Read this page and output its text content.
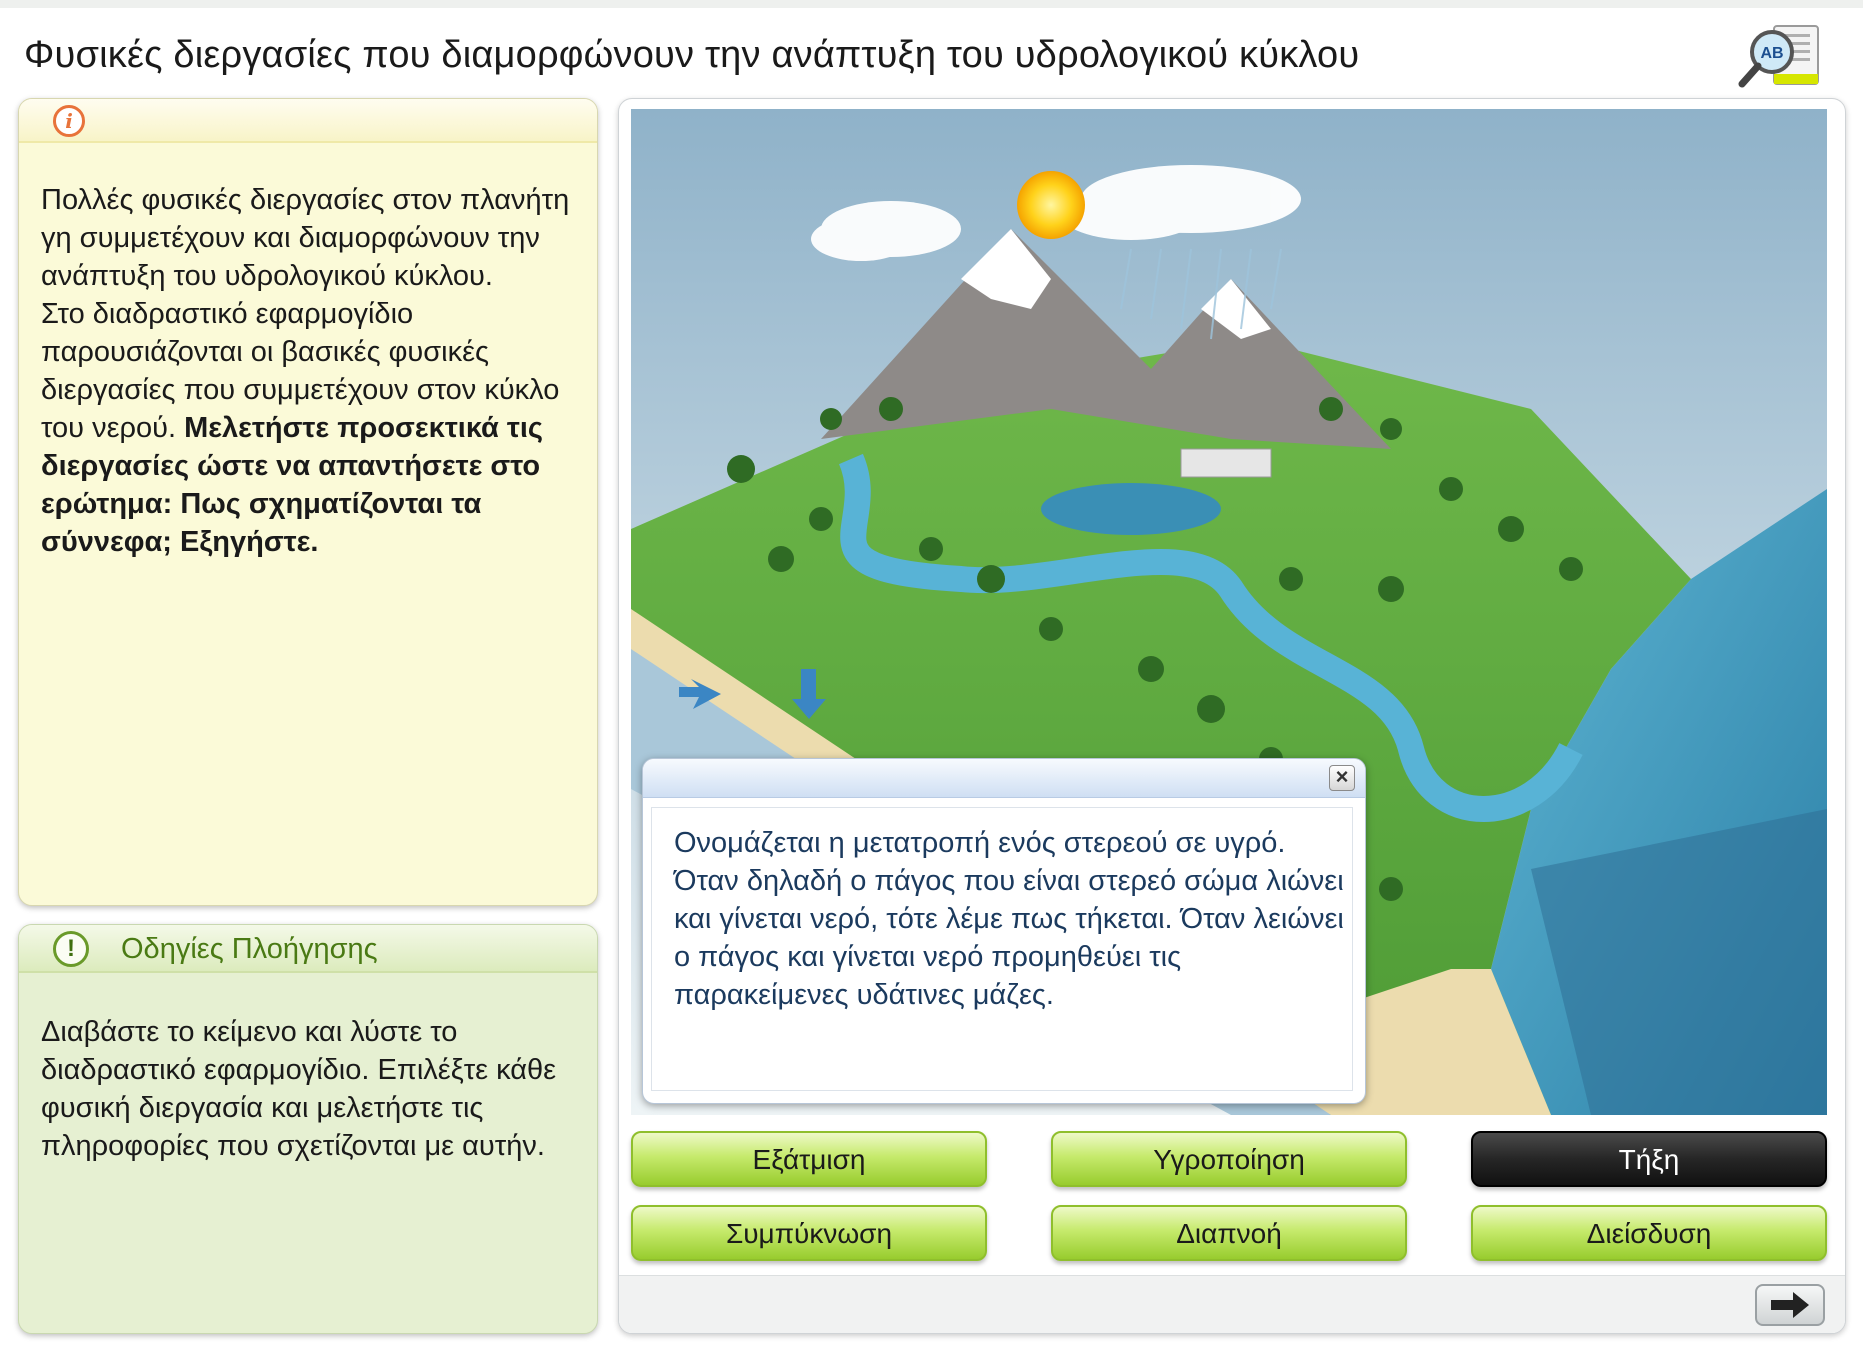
Φυσικές διεργασίες που διαμορφώνουν την ανάπτυξη του υδρολογικού κύκλου	AB
i
Πολλές φυσικές διεργασίες στον πλανήτη γη συμμετέχουν και διαμορφώνουν την ανάπτυξη του υδρολογικού κύκλου.
Στο διαδραστικό εφαρμογίδιο παρουσιάζονται οι βασικές φυσικές διεργασίες που συμμετέχουν στον κύκλο του νερού. Μελετήστε προσεκτικά τις διεργασίες ώστε να απαντήσετε στο ερώτημα: Πως σχηματίζονται τα σύννεφα; Εξηγήστε.
!	Οδηγίες Πλοήγησης
Διαβάστε το κείμενο και λύστε το διαδραστικό εφαρμογίδιο. Επιλέξτε κάθε φυσική διεργασία και μελετήστε τις πληροφορίες που σχετίζονται με αυτήν.	Εξάτμιση	Υγροποίηση	Τήξη
Συμπύκνωση	Διαπνοή	Διείσδυση
×
Ονομάζεται η μετατροπή ενός στερεού σε υγρό. Όταν δηλαδή ο πάγος που είναι στερεό σώμα λιώνει και γίνεται νερό, τότε λέμε πως τήκεται. Όταν λειώνει ο πάγος και γίνεται νερό προμηθεύει τις παρακείμενες υδάτινες μάζες.
